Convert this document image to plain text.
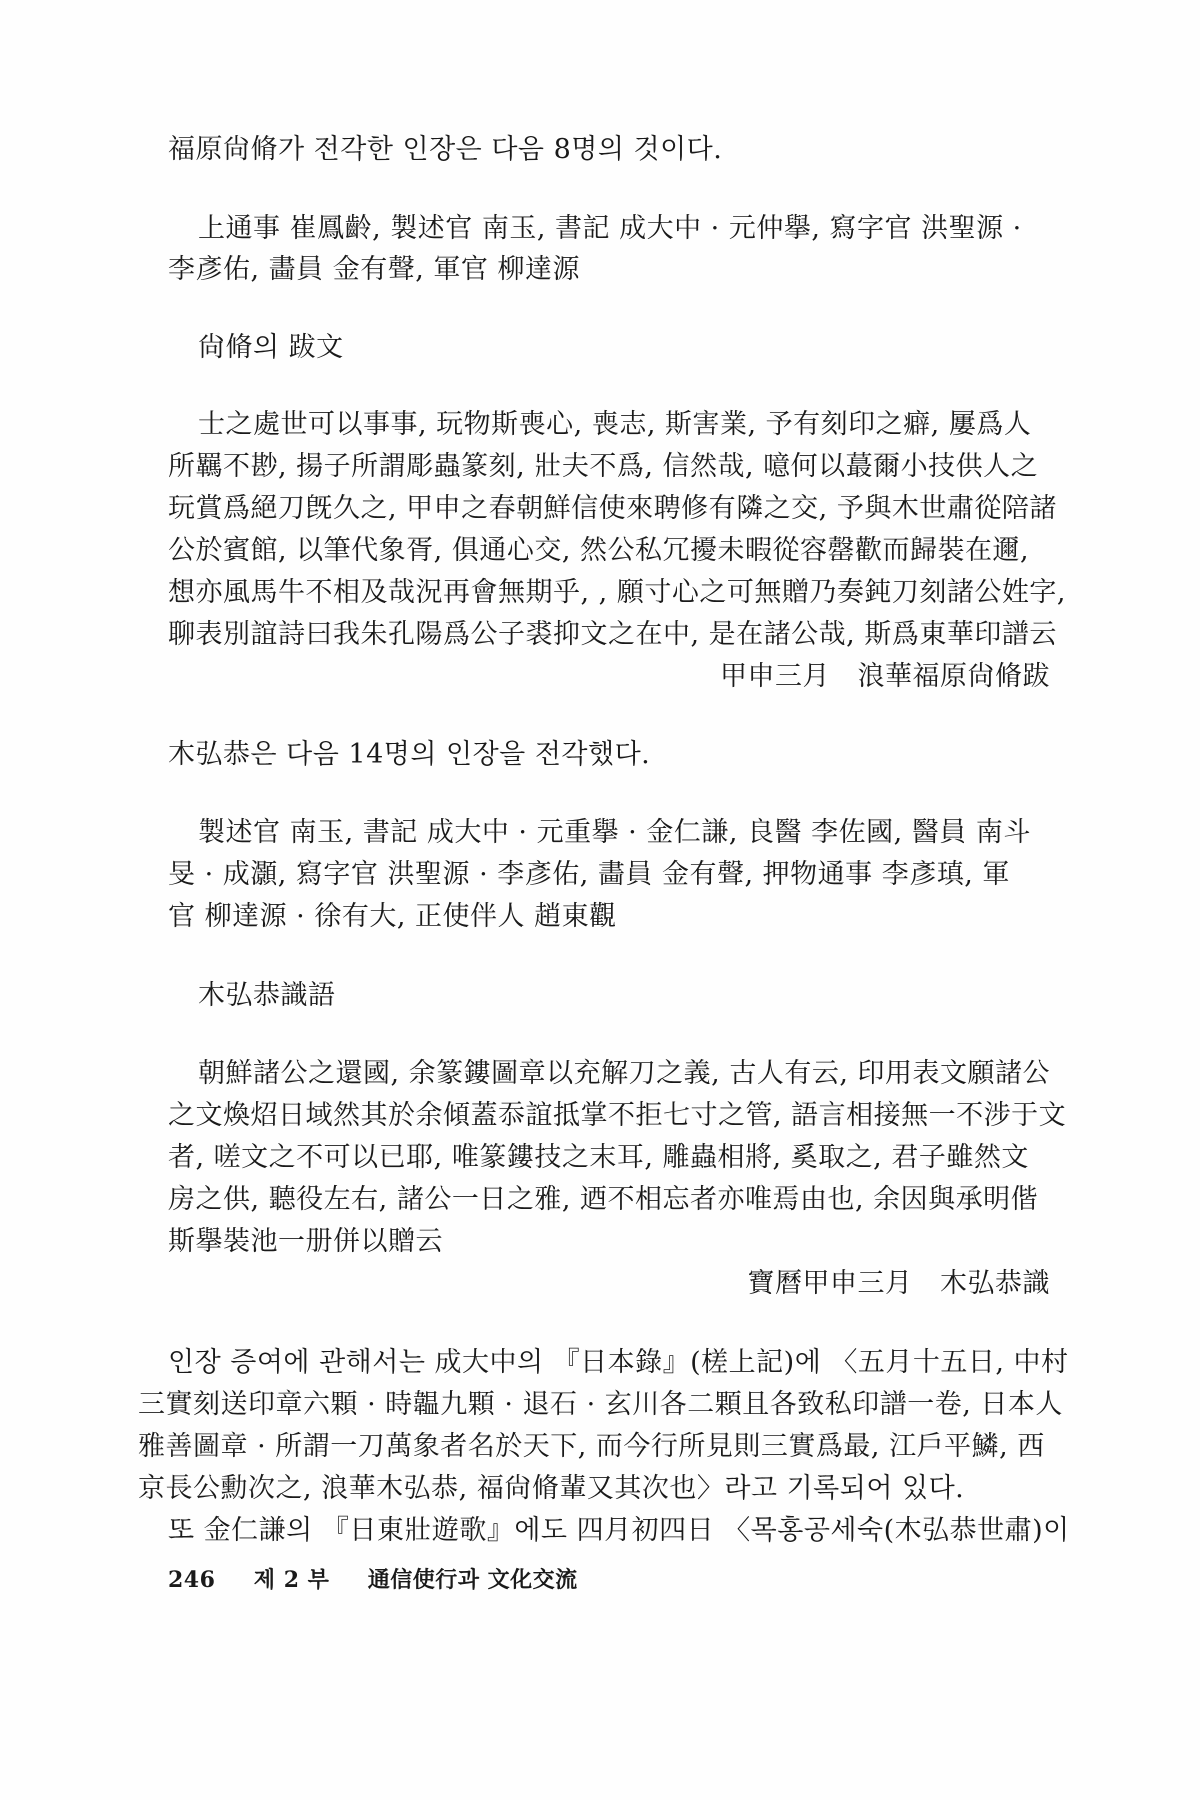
福原尙脩가 전각한 인장은 다음 8명의 것이다.
上通事 崔鳳齡, 製述官 南玉, 書記 成大中 · 元仲擧, 寫字官 洪聖源 ·
李彥佑, 畵員 金有聲, 軍官 柳達源
尙脩의 跋文
士之處世可以事事, 玩物斯喪心, 喪志, 斯害業, 予有刻印之癖, 屢爲人
所羈不尠, 揚子所謂彫蟲篆刻, 壯夫不爲, 信然哉, 噫何以蕞爾小技供人之
玩賞爲絕刀旣久之, 甲申之春朝鮮信使來聘修有隣之交, 予與木世肅從陪諸
公於賓館, 以筆代象胥, 俱通心交, 然公私冗擾未暇從容罄歡而歸裝在邇,
想亦風馬牛不相及哉況再會無期乎, , 願寸心之可無贈乃奏鈍刀刻諸公姓字,
聊表別誼詩曰我朱孔陽爲公子裘抑文之在中, 是在諸公哉, 斯爲東華印譜云
甲申三月　浪華福原尙脩跋
木弘恭은 다음 14명의 인장을 전각했다.
製述官 南玉, 書記 成大中 · 元重擧 · 金仁謙, 良醫 李佐國, 醫員 南斗
旻 · 成灝, 寫字官 洪聖源 · 李彥佑, 畵員 金有聲, 押物通事 李彥瑱, 軍
官 柳達源 · 徐有大, 正使伴人 趙東觀
木弘恭識語
朝鮮諸公之還國, 余篆鏤圖章以充解刀之義, 古人有云, 印用表文願諸公
之文煥炤日域然其於余傾蓋忝誼抵掌不拒七寸之管, 語言相接無一不涉于文
者, 嗟文之不可以已耶, 唯篆鏤技之末耳, 雕蟲相將, 奚取之, 君子雖然文
房之供, 聽役左右, 諸公一日之雅, 迺不相忘者亦唯焉由也, 余因與承明偕
斯擧裝池一册併以贈云
寶曆甲申三月　木弘恭識
인장 증여에 관해서는 成大中의 『日本錄』(槎上記)에 〈五月十五日, 中村
三實刻送印章六顆 · 時韞九顆 · 退石 · 玄川各二顆且各致私印譜一卷, 日本人
雅善圖章 · 所謂一刀萬象者名於天下, 而今行所見則三實爲最, 江戶平鱗, 西
京長公勳次之, 浪華木弘恭, 福尙脩輩又其次也〉라고 기록되어 있다.
또 金仁謙의 『日東壯遊歌』에도 四月初四日 〈목홍공세숙(木弘恭世肅)이
246 제 2 부 通信使行과 文化交流
